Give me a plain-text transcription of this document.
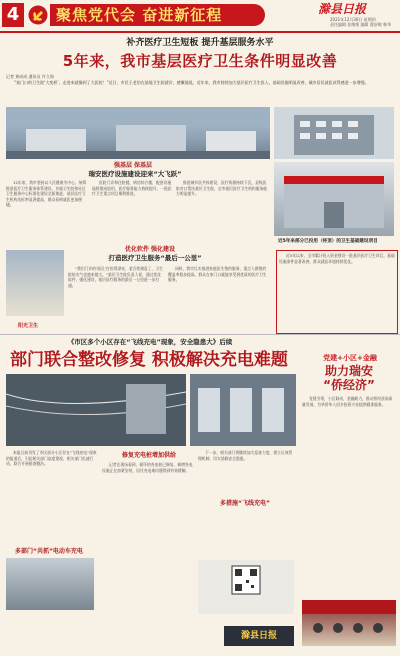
4	聚焦党代会 奋进新征程	滁县日报
2021年12月30日 星期四
责任编辑 张维维 编辑 曹舒敏 韩华
补齐医疗卫生短板 提升基层服务水平
5年来，我市基层医疗卫生条件明显改善
记者 黄成成 通讯员 许立海
“家门口的卫生院‘大变样’，走进来就像到了大医院！”近日，市民王老伯在基地卫生院就诊，感慨地说。近年来，我市持续加大基层医疗卫生投入，基础设施明显改善，城乡居民就医获得感进一步增强。
强基层 保基层
瑞安医疗设施建设迎来“大飞跃”
12年来，我市坚持以人民健康为中心，统筹推进医疗卫生服务体系建设，乡镇卫生院和社区卫生服务中心标准化建设全面推进，基层医疗卫生机构达标率显著提高，群众看病就医更加便捷。
医院门诊和住院楼，病房综合楼，配套设施陆续建成投用，医疗服务能力持续提升，一批医疗卫生重点项目顺利推进。
推进城乡医共体建设，医疗资源持续下沉，县级医院对口帮扶基层卫生院，全市基层医疗卫生机构服务能力明显提升。
优化软件 强化建设
打造医疗卫生服务“最后一公里”
阳光卫生
“我们门诊的‘面孔’打扮得漂亮，老百姓满意了，卫生院的名气也越来越大。”基层卫生院负责人说，通过优化软件、强化建设，基层医疗服务的最后一公里进一步打通。
同时，我市扎实推进家庭医生签约服务，重点人群签约覆盖率稳步提高，群众在家门口就能享受到优质的医疗卫生服务。
近5年来部分已投用（待顶）的卫生基础建设项目
近5年以来，全市累计投入资金建设一批基层医疗卫生项目，基础设施条件显著改善，群众就医环境持续优化。
《市区多个小区存在“飞线充电”现象，安全隐患大》后续
部门联合整改修复 积极解决充电难题
本报日前刊发了市区部分小区存在“飞线充电”现象的报道后，引起相关部门高度重视，相关部门迅速行动，联合开展排查整治。
修复充电桩增加供给
记者在现场看到，损坏的充电桩已修复，新增充电设施正在加紧安装，居民充电难问题得到有效缓解。
多措施“飞线充电”
下一步，相关部门将继续加大巡查力度，建立长效管理机制，切实消除安全隐患。
多部门“共抓”电动车充电
滁县日报
党建+小区+金融
助力瑞安
“侨经济”
党建引领，小区联动，金融助力，推动侨经济高质量发展，为华侨华人回乡投资兴业提供精准服务。
